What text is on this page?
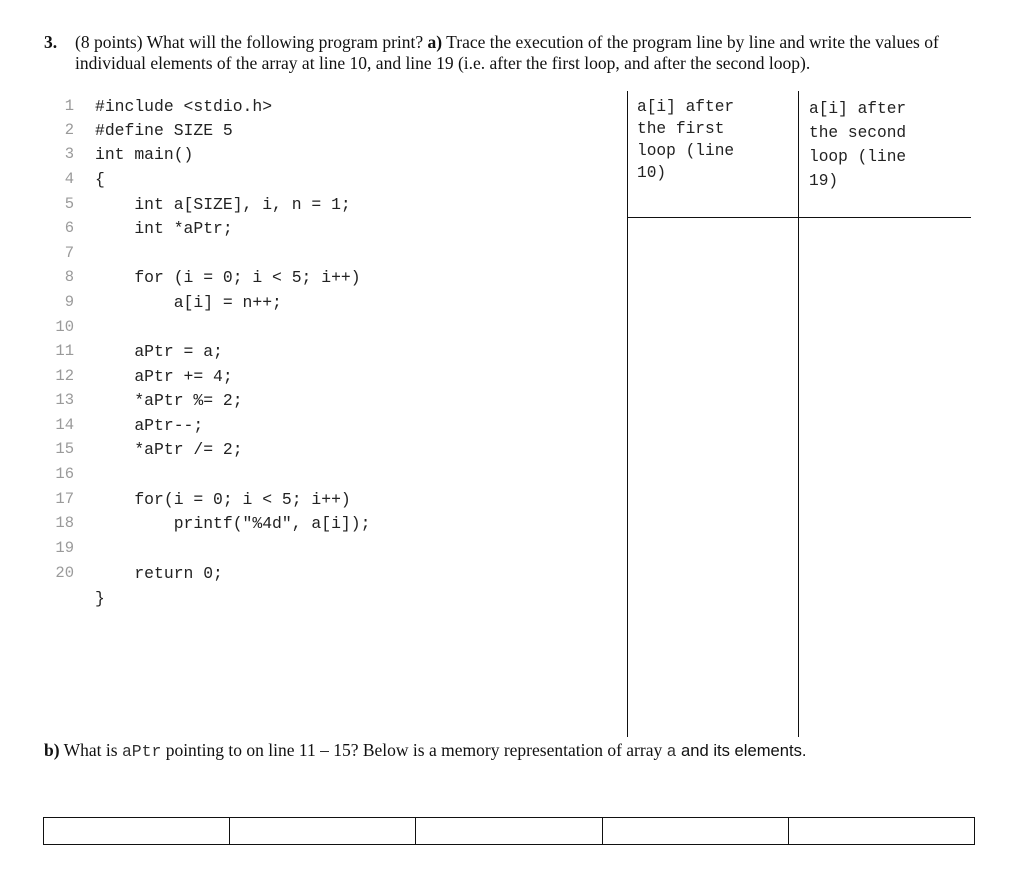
3. (8 points) What will the following program print? a) Trace the execution of the program line by line and write the values of individual elements of the array at line 10, and line 19 (i.e. after the first loop, and after the second loop).
1 #include <stdio.h>
2 #define SIZE 5
3 int main()
4 {
5 int a[SIZE], i, n = 1;
6 int *aPtr;
7
8 for (i = 0; i < 5; i++)
9 a[i] = n++;
10
11 aPtr = a;
12 aPtr += 4;
13 *aPtr %= 2;
14 aPtr--;
15 *aPtr /= 2;
16
17 for(i = 0; i < 5; i++)
18 printf("%4d", a[i]);
19
20 return 0;
}
a[i] after
the first
loop (line
10)
a[i] after
the second
loop (line
19)
b) What is aPtr pointing to on line 11 – 15? Below is a memory representation of array a and its elements.
